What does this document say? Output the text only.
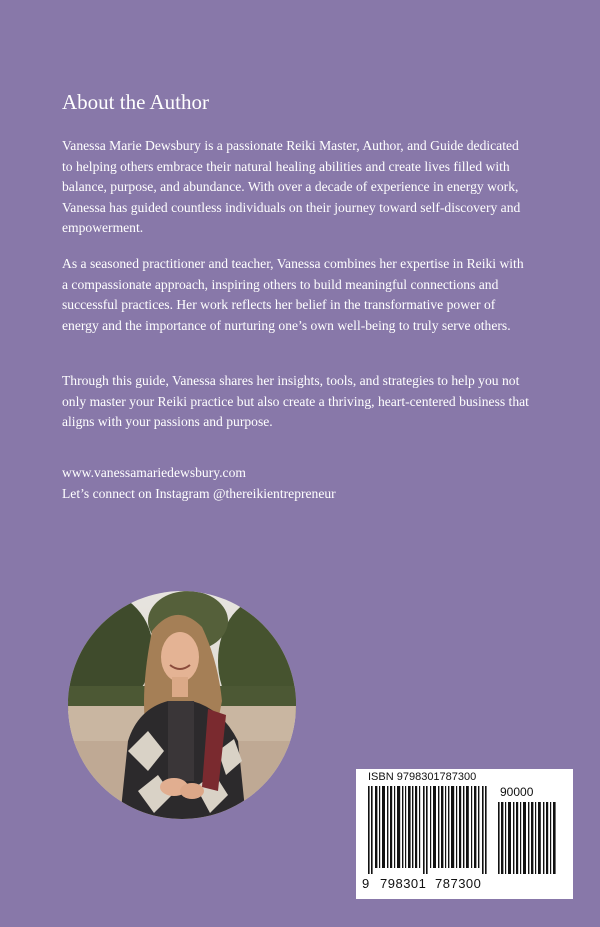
About the Author

Vanessa Marie Dewsbury is a passionate Reiki Master, Author, and Guide dedicated to helping others embrace their natural healing abilities and create lives filled with balance, purpose, and abundance. With over a decade of experience in energy work, Vanessa has guided countless individuals on their journey toward self-discovery and empowerment.

As a seasoned practitioner and teacher, Vanessa combines her expertise in Reiki with a compassionate approach, inspiring others to build meaningful connections and successful practices. Her work reflects her belief in the transformative power of energy and the importance of nurturing one’s own well-being to truly serve others.

Through this guide, Vanessa shares her insights, tools, and strategies to help you not only master your Reiki practice but also create a thriving, heart-centered business that aligns with your passions and purpose.

www.vanessamariedewsbury.com
Let’s connect on Instagram @thereikientrepreneur
ISBN 9798301787300
90000
9 798301 787300
